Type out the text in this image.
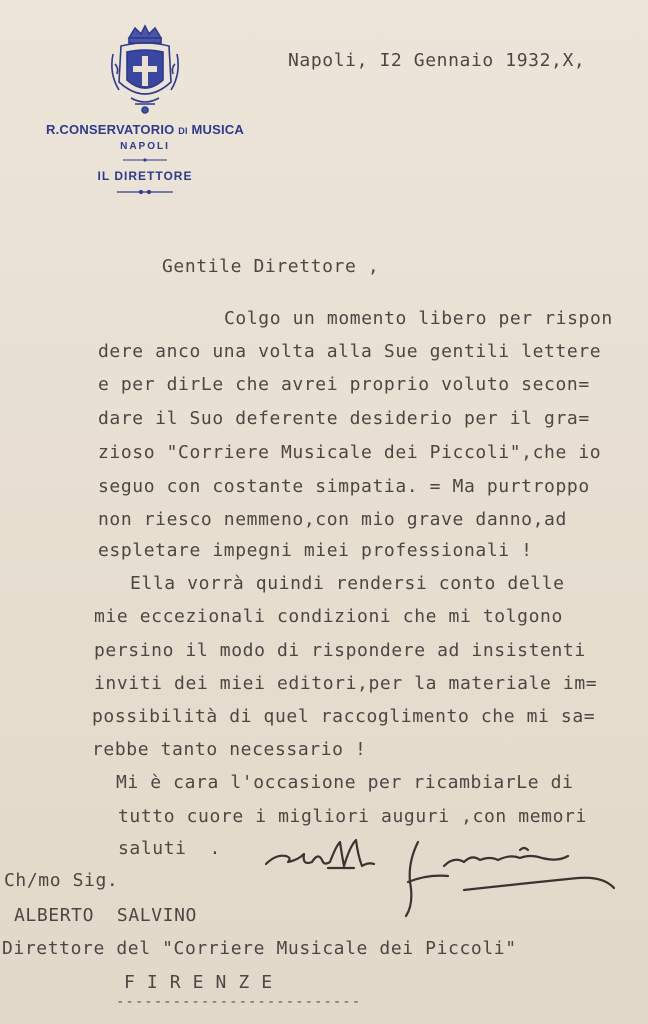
R.CONSERVATORIO DI MUSICA
NAPOLI
IL DIRETTORE
Napoli, I2 Gennaio 1932,X,
Gentile Direttore ,
Colgo un momento libero per rispon
dere anco una volta alla Sue gentili lettere
e per dirLe che avrei proprio voluto secon=
dare il Suo deferente desiderio per il gra=
zioso "Corriere Musicale dei Piccoli",che io
seguo con costante simpatia. = Ma purtroppo
non riesco nemmeno,con mio grave danno,ad
espletare impegni miei professionali !
Ella vorrà quindi rendersi conto delle
mie eccezionali condizioni che mi tolgono
persino il modo di rispondere ad insistenti
inviti dei miei editori,per la materiale im=
possibilità di quel raccoglimento che mi sa=
rebbe tanto necessario !
Mi è cara l'occasione per ricambiarLe di
tutto cuore i migliori auguri ,con memori
saluti  .
Ch/mo Sig.
ALBERTO  SALVINO
Direttore del "Corriere Musicale dei Piccoli"
F I R E N Z E
--------------------------
